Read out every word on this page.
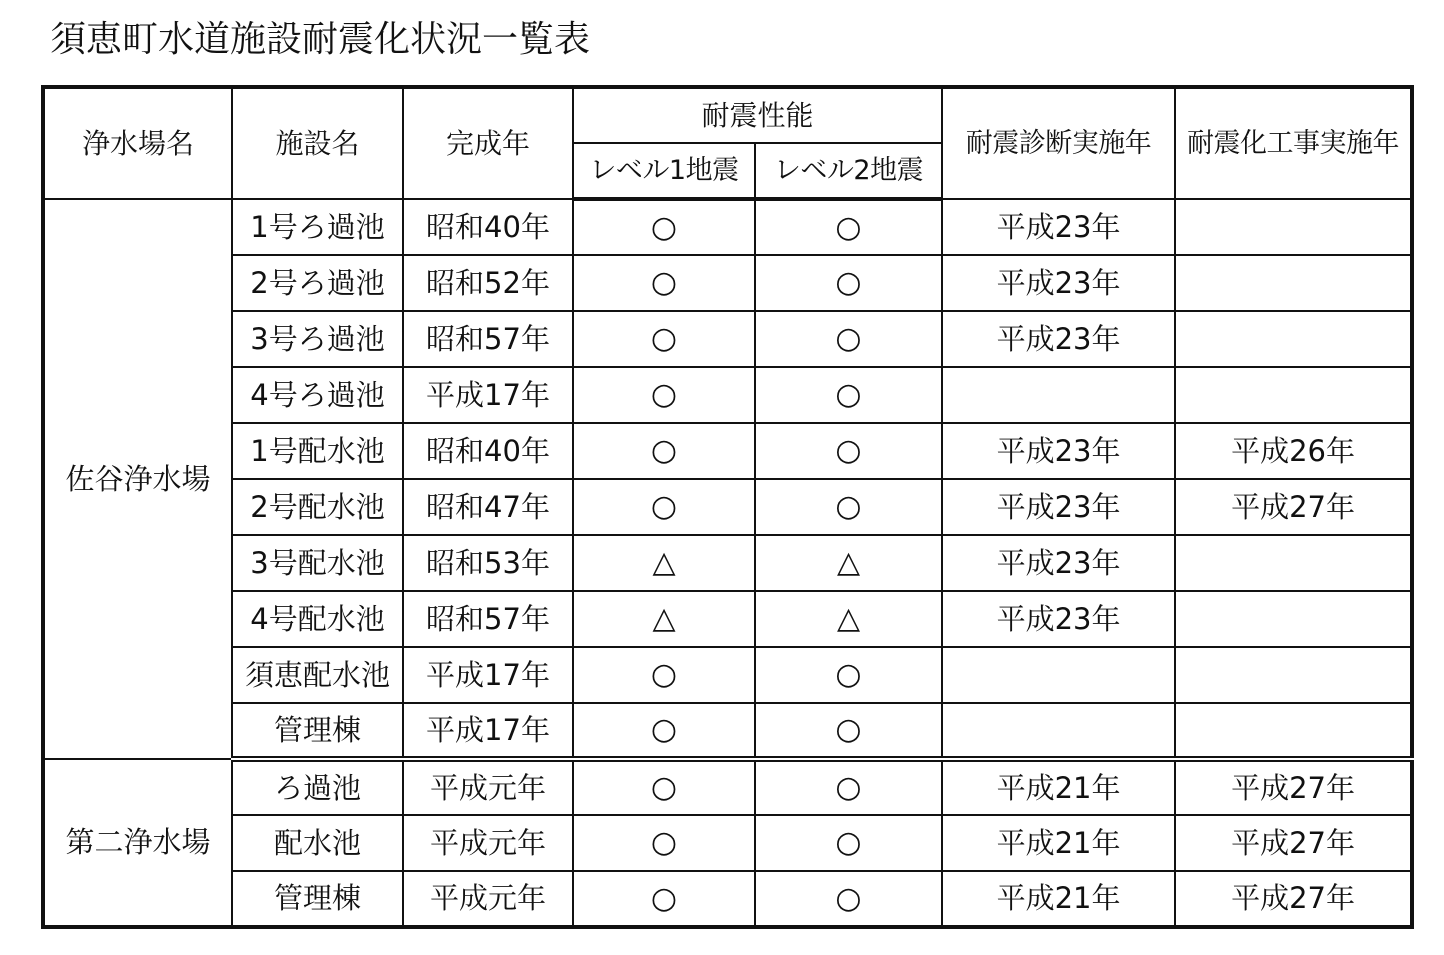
須恵町水道施設耐震化状況一覧表
浄水場名	施設名	完成年	耐震性能		耐震診断実施年	耐震化工事実施年
			レベル1地震	レベル2地震		
佐谷浄水場	1号ろ過池	昭和40年	○	○	平成23年	
	2号ろ過池	昭和52年	○	○	平成23年	
	3号ろ過池	昭和57年	○	○	平成23年	
	4号ろ過池	平成17年	○	○		
	1号配水池	昭和40年	○	○	平成23年	平成26年
	2号配水池	昭和47年	○	○	平成23年	平成27年
	3号配水池	昭和53年	△	△	平成23年	
	4号配水池	昭和57年	△	△	平成23年	
	須恵配水池	平成17年	○	○		
	管理棟	平成17年	○	○		
第二浄水場	ろ過池	平成元年	○	○	平成21年	平成27年
	配水池	平成元年	○	○	平成21年	平成27年
	管理棟	平成元年	○	○	平成21年	平成27年
